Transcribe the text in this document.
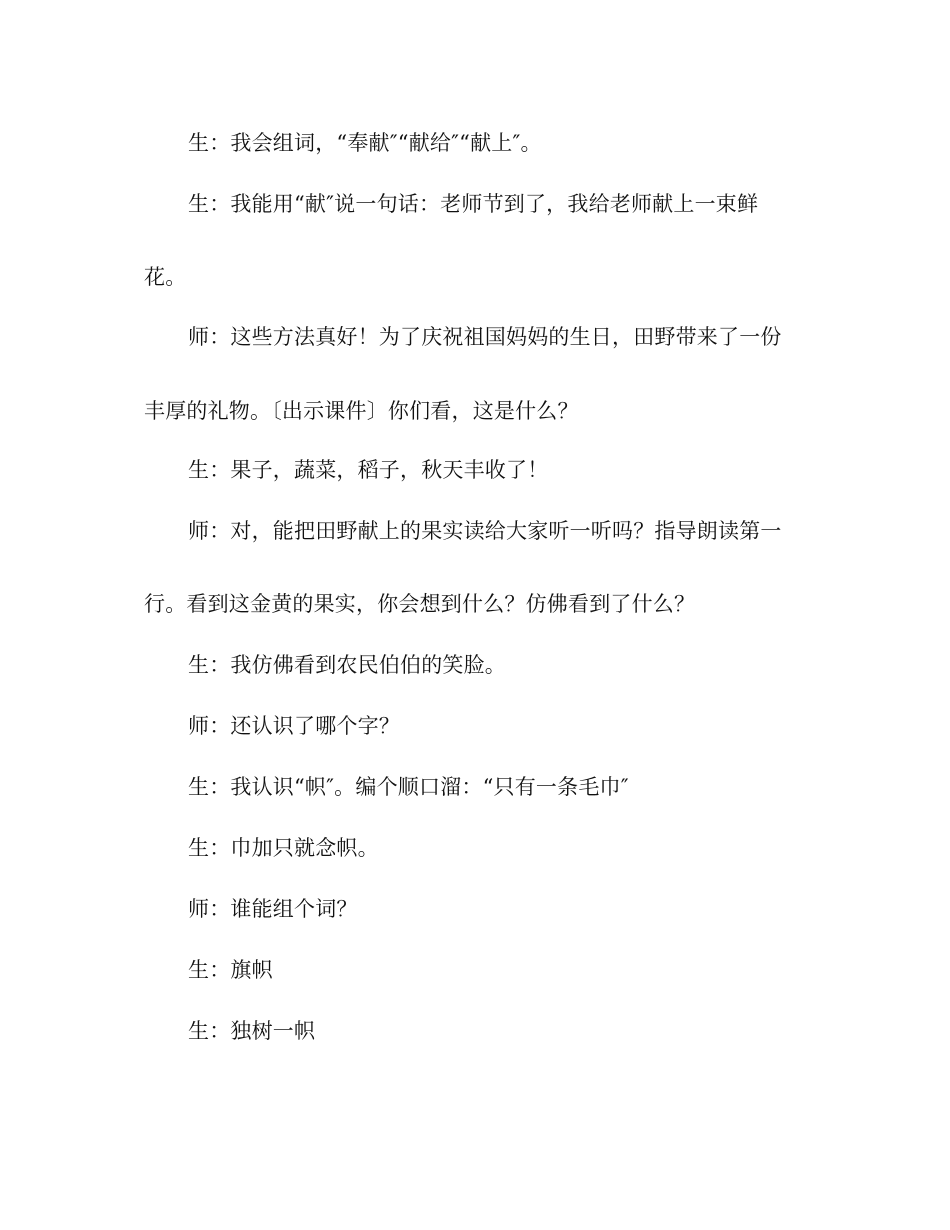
生：我会组词，“奉献″“献给″“献上″。
生：我能用“献″说一句话：老师节到了，我给老师献上一束鲜
花。
师：这些方法真好！为了庆祝祖国妈妈的生日，田野带来了一份
丰厚的礼物。〔出示课件〕你们看，这是什么？
生：果子，蔬菜，稻子，秋天丰收了！
师：对，能把田野献上的果实读给大家听一听吗？指导朗读第一
行。看到这金黄的果实，你会想到什么？仿佛看到了什么？
生：我仿佛看到农民伯伯的笑脸。
师：还认识了哪个字？
生：我认识“帜″。编个顺口溜：“只有一条毛巾″
生：巾加只就念帜。
师：谁能组个词？
生：旗帜
生：独树一帜
